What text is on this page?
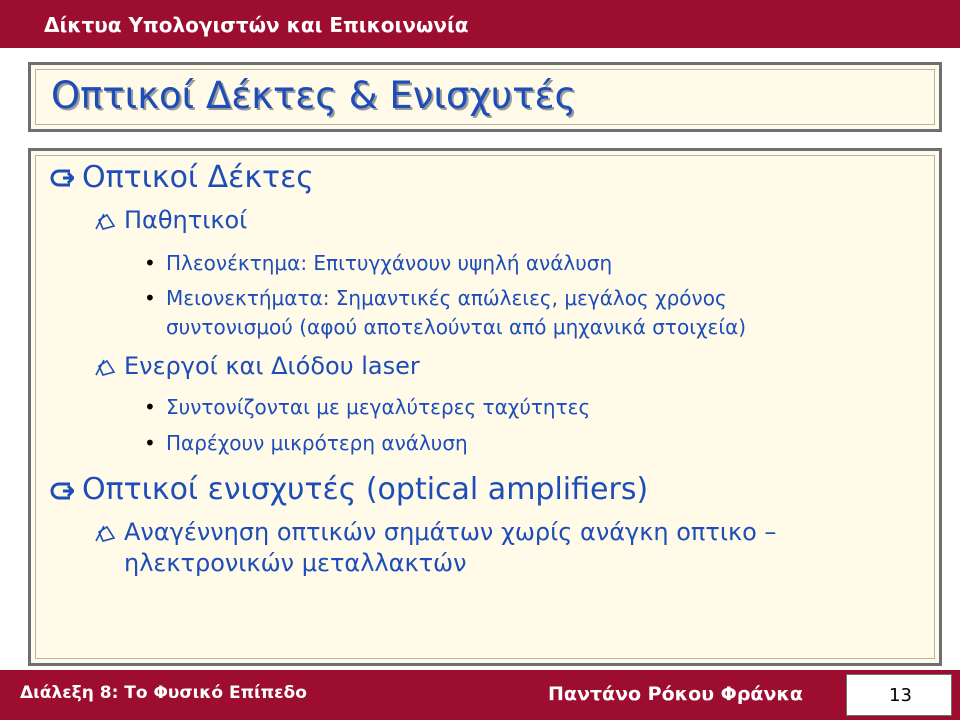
Δίκτυα Υπολογιστών και Επικοινωνία
Οπτικοί Δέκτες & Ενισχυτές
Οπτικοί Δέκτες
Παθητικοί
• Πλεονέκτημα: Επιτυγχάνουν υψηλή ανάλυση
• Μειονεκτήματα: Σημαντικές απώλειες, μεγάλος χρόνος
συντονισμού (αφού αποτελούνται από μηχανικά στοιχεία)
Ενεργοί και Διόδου laser
• Συντονίζονται με μεγαλύτερες ταχύτητες
• Παρέχουν μικρότερη ανάλυση
Οπτικοί ενισχυτές (optical amplifiers)
Αναγέννηση οπτικών σημάτων χωρίς ανάγκη οπτικο –
ηλεκτρονικών μεταλλακτών
Διάλεξη 8: Το Φυσικό Επίπεδο	Παντάνο Ρόκου Φράνκα	13
